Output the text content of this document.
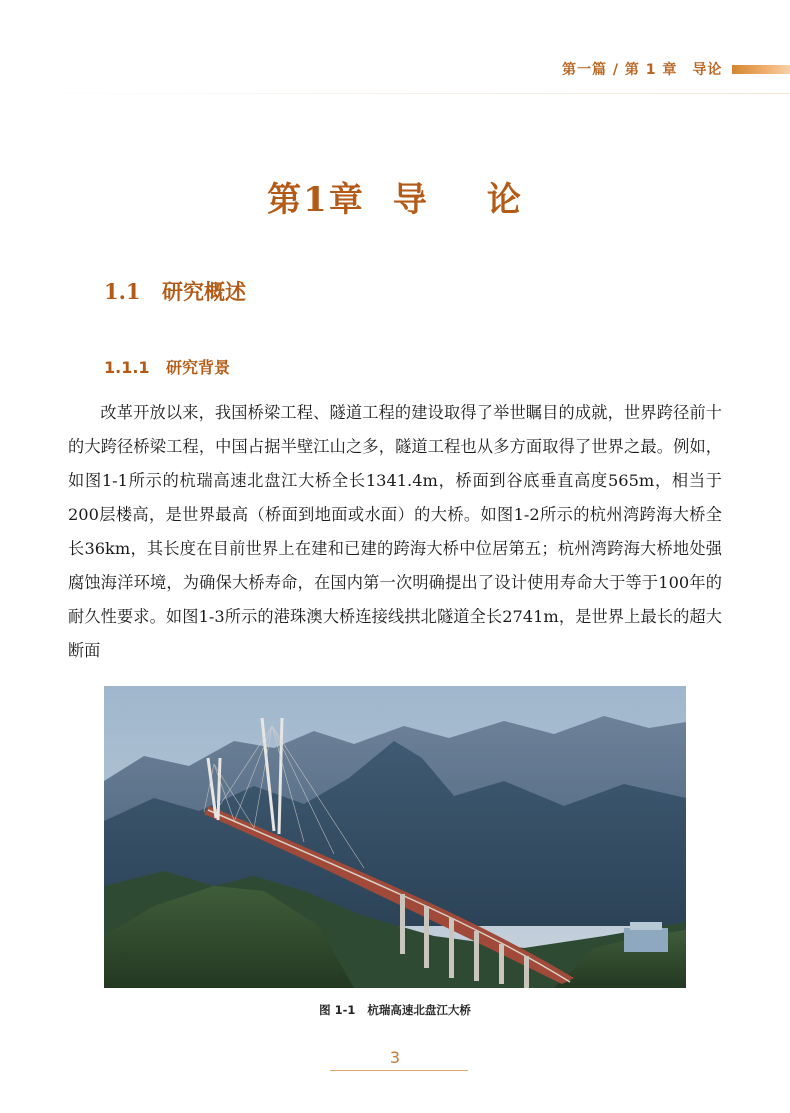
第一篇 / 第 1 章　导论
第1章 导 论
1.1 研究概述
1.1.1 研究背景

改革开放以来，我国桥梁工程、隧道工程的建设取得了举世瞩目的成就，世界跨径前十的大跨径桥梁工程，中国占据半壁江山之多，隧道工程也从多方面取得了世界之最。例如，如图1-1所示的杭瑞高速北盘江大桥全长1341.4m，桥面到谷底垂直高度565m，相当于200层楼高，是世界最高（桥面到地面或水面）的大桥。如图1-2所示的杭州湾跨海大桥全长36km，其长度在目前世界上在建和已建的跨海大桥中位居第五；杭州湾跨海大桥地处强腐蚀海洋环境，为确保大桥寿命，在国内第一次明确提出了设计使用寿命大于等于100年的耐久性要求。如图1-3所示的港珠澳大桥连接线拱北隧道全长2741m，是世界上最长的超大断面

图 1-1 杭瑞高速北盘江大桥
3
